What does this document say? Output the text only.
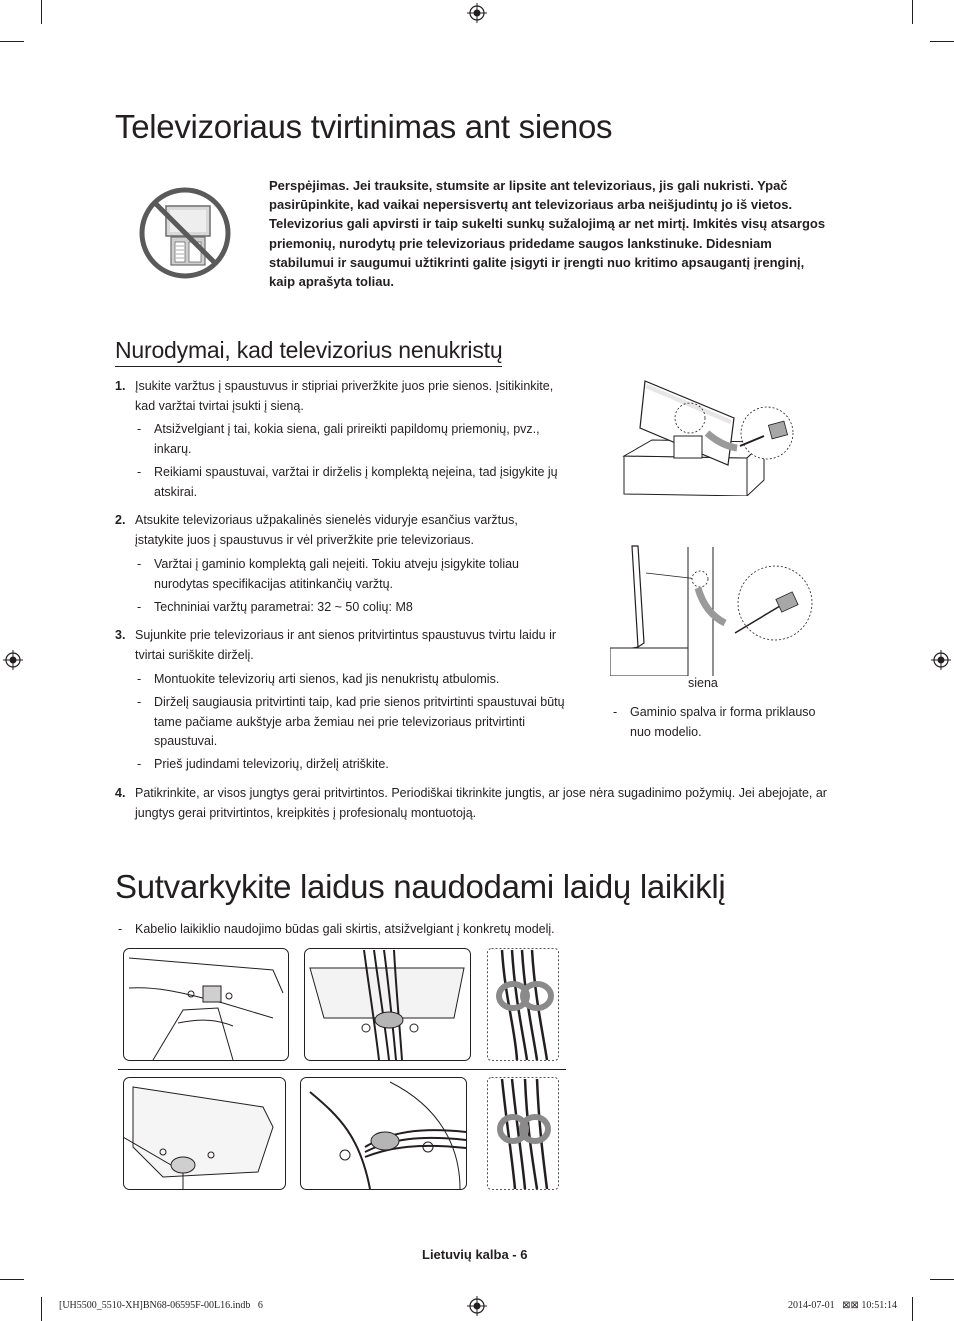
Televizoriaus tvirtinimas ant sienos
Perspėjimas. Jei trauksite, stumsite ar lipsite ant televizoriaus, jis gali nukristi. Ypač pasirūpinkite, kad vaikai nepersisvertų ant televizoriaus arba neišjudintų jo iš vietos. Televizorius gali apvirsti ir taip sukelti sunkų sužalojimą ar net mirtį. Imkitės visų atsargos priemonių, nurodytų prie televizoriaus pridedame saugos lankstinuke. Didesniam stabilumui ir saugumui užtikrinti galite įsigyti ir įrengti nuo kritimo apsaugantį įrenginį, kaip aprašyta toliau.
Nurodymai, kad televizorius nenukristų
1. Įsukite varžtus į spaustuvus ir stipriai priveržkite juos prie sienos. Įsitikinkite, kad varžtai tvirtai įsukti į sieną.
- Atsižvelgiant į tai, kokia siena, gali prireikti papildomų priemonių, pvz., inkarų.
- Reikiami spaustuvai, varžtai ir dirželis į komplektą neįeina, tad įsigykite jų atskirai.
2. Atsukite televizoriaus užpakalinės sienelės viduryje esančius varžtus, įstatykite juos į spaustuvus ir vėl priveržkite prie televizoriaus.
- Varžtai į gaminio komplektą gali neįeiti. Tokiu atveju įsigykite toliau nurodytas specifikacijas atitinkančių varžtų.
- Techniniai varžtų parametrai: 32 ~ 50 colių: M8
3. Sujunkite prie televizoriaus ir ant sienos pritvirtintus spaustuvus tvirtu laidu ir tvirtai suriškite dirželį.
- Montuokite televizorių arti sienos, kad jis nenukristų atbulomis.
- Dirželį saugiausia pritvirtinti taip, kad prie sienos pritvirtinti spaustuvai būtų tame pačiame aukštyje arba žemiau nei prie televizoriaus pritvirtinti spaustuvai.
- Prieš judindami televizorių, dirželį atriškite.
4. Patikrinkite, ar visos jungtys gerai pritvirtintos. Periodiškai tikrinkite jungtis, ar jose nėra sugadinimo požymių. Jei abejojate, ar jungtys gerai pritvirtintos, kreipkitės į profesionalų montuotoją.
siena
- Gaminio spalva ir forma priklauso nuo modelio.
Sutvarkykite laidus naudodami laidų laikiklį
- Kabelio laikiklio naudojimo būdas gali skirtis, atsižvelgiant į konkretų modelį.
Lietuvių kalba - 6
[UH5500_5510-XH]BN68-06595F-00L16.indb   6	2014-07-01   ⊠⊠ 10:51:14
